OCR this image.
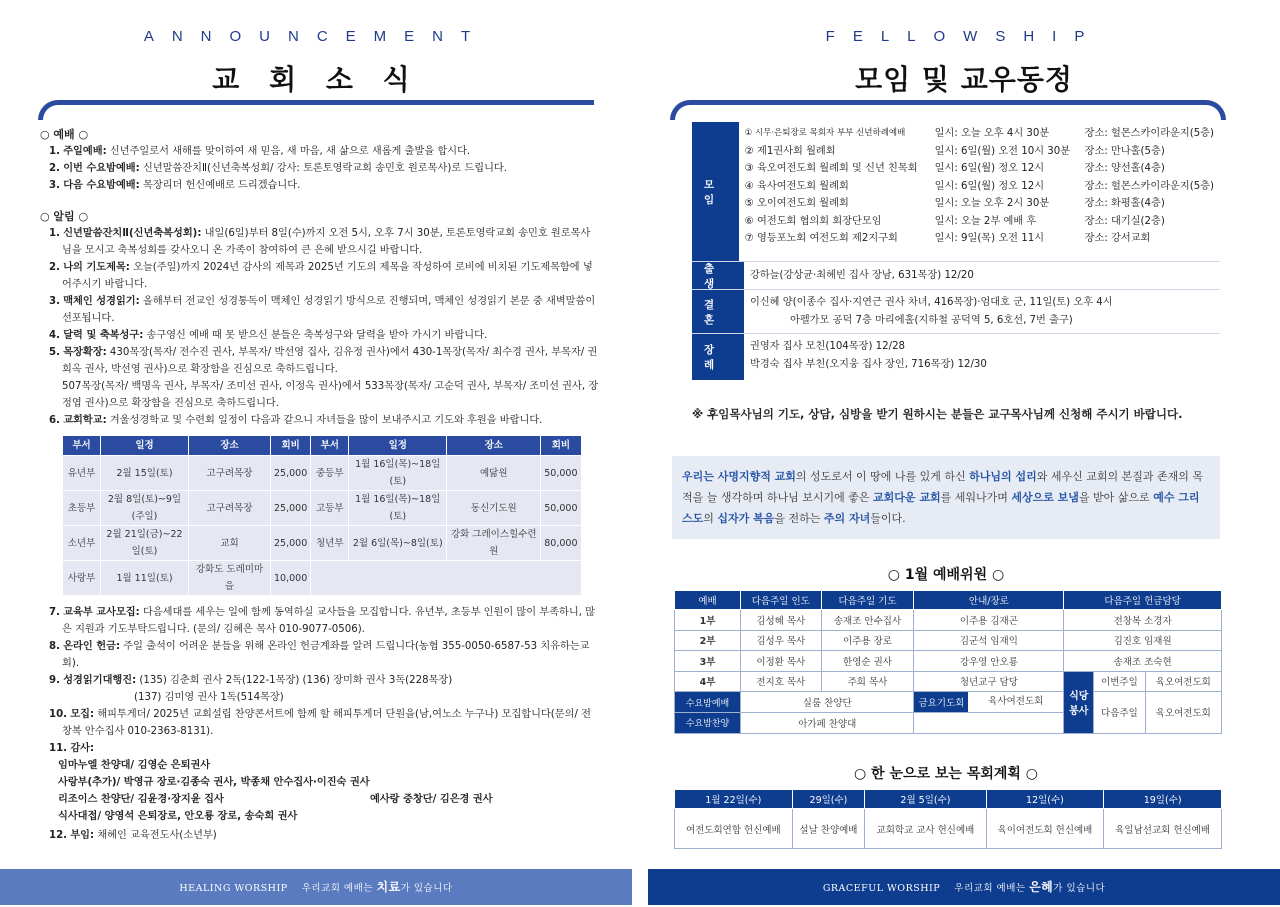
ANNOUNCEMENT
교 회 소 식
○ 예배 ○
1. 주일예배: 신년주일로서 새해를 맞이하여 새 믿음, 새 마음, 새 삶으로 새롭게 출발을 합시다.
2. 이번 수요밤예배: 신년말씀잔치Ⅱ(신년축복성회/ 강사: 토론토영락교회 송민호 원로목사)로 드립니다.
3. 다음 수요밤예배: 목장리더 헌신예배로 드리겠습니다.
○ 알림 ○
1. 신년말씀잔치Ⅱ(신년축복성회): 내일(6일)부터 8일(수)까지 오전 5시, 오후 7시 30분, 토론토영락교회 송민호 원로목사님을 모시고 축복성회를 갖사오니 온 가족이 참여하여 큰 은혜 받으시길 바랍니다.
2. 나의 기도제목: 오늘(주일)까지 2024년 감사의 제목과 2025년 기도의 제목을 작성하여 로비에 비치된 기도제목함에 넣어주시기 바랍니다.
3. 맥체인 성경읽기: 올해부터 전교인 성경통독이 맥체인 성경읽기 방식으로 진행되며, 맥체인 성경읽기 본문 중 새벽말씀이 선포됩니다.
4. 달력 및 축복성구: 송구영신 예배 때 못 받으신 분들은 축복성구와 달력을 받아 가시기 바랍니다.
5. 목장확장: 430목장(목자/ 전수진 권사, 부목자/ 박선영 집사, 김유정 권사)에서 430-1목장(목자/ 최수경 권사, 부목자/ 권희옥 권사, 박선영 권사)으로 확장함을 진심으로 축하드립니다.
507목장(목자/ 백명옥 권사, 부목자/ 조미선 권사, 이정옥 권사)에서 533목장(목자/ 고순덕 권사, 부목자/ 조미선 권사, 장정엽 권사)으로 확장함을 진심으로 축하드립니다.
6. 교회학교: 겨울성경학교 및 수련회 일정이 다음과 같으니 자녀들을 많이 보내주시고 기도와 후원을 바랍니다.
부서	일정	장소	회비	부서	일정	장소	회비
유년부	2월 15일(토)	고구려목장	25,000	중등부	1월 16일(목)~18일(토)	예닮원	50,000
초등부	2월 8일(토)~9일(주일)	고구려목장	25,000	고등부	1월 16일(목)~18일(토)	동신기도원	50,000
소년부	2월 21일(금)~22일(토)	교회	25,000	청년부	2월 6일(목)~8일(토)	강화 그레이스힐수련원	80,000
사랑부	1월 11일(토)	강화도 도레미마을	10,000				
7. 교육부 교사모집: 다음세대를 세우는 일에 함께 동역하실 교사들을 모집합니다. 유년부, 초등부 인원이 많이 부족하니, 많은 지원과 기도부탁드립니다. (문의/ 김혜은 목사 010-9077-0506).
8. 온라인 헌금: 주일 출석이 어려운 분들을 위해 온라인 헌금계좌를 알려 드립니다(농협 355-0050-6587-53 치유하는교회).
9. 성경읽기대행진: (135) 김춘희 권사 2독(122-1목장) (136) 장미화 권사 3독(228목장)
(137) 김미영 권사 1독(514목장)
10. 모집: 해피투게더/ 2025년 교회설립 찬양콘서트에 함께 할 해피투게더 단원을(남,여노소 누구나) 모집합니다(문의/ 전창복 안수집사 010-2363-8131).
11. 감사:
임마누엘 찬양대/ 김영순 은퇴권사
사랑부(추가)/ 박영규 장로·김종숙 권사, 박종채 안수집사·이진숙 권사
리조이스 찬양단/ 김윤경·장지윤 집사	예사랑 중창단/ 김은경 권사
식사대접/ 양영석 은퇴장로, 안오룡 장로, 송숙희 권사
12. 부임: 채혜인 교육전도사(소년부)
HEALING WORSHIP 우리교회 예배는 치료가 있습니다
FELLOWSHIP
모임 및 교우동정
모 임
① 시무·은퇴장로 목회자 부부 신년하례예배	일시: 오늘 오후 4시 30분	장소: 헐몬스카이라운지(5층)
② 제1권사회 월례회	일시: 6일(월) 오전 10시 30분	장소: 만나홀(5층)
③ 육오여전도회 월례회 및 신년 친목회	일시: 6일(월) 정오 12시	장소: 양선홀(4층)
④ 육사여전도회 월례회	일시: 6일(월) 정오 12시	장소: 헐몬스카이라운지(5층)
⑤ 오이여전도회 월례회	일시: 오늘 오후 2시 30분	장소: 화평홀(4층)
⑥ 여전도회 협의회 회장단모임	일시: 오늘 2부 예배 후	장소: 대기실(2층)
⑦ 영등포노회 여전도회 제2지구회	일시: 9일(목) 오전 11시	장소: 강서교회
출 생
강하늘(강상균·최혜빈 집사 장남, 631목장) 12/20
결 혼
이신혜 양(이종수 집사·지연근 권사 차녀, 416목장)·엄대호 군, 11일(토) 오후 4시
아펠가모 공덕 7층 마리에홀(지하철 공덕역 5, 6호선, 7번 출구)
장 례
권영자 집사 모친(104목장) 12/28
박경숙 집사 부친(오지웅 집사 장인, 716목장) 12/30
※ 후임목사님의 기도, 상담, 심방을 받기 원하시는 분들은 교구목사님께 신청해 주시기 바랍니다.
우리는 사명지향적 교회의 성도로서 이 땅에 나를 있게 하신 하나님의 섭리와 세우신 교회의 본질과 존재의 목적을 늘 생각하며 하나님 보시기에 좋은 교회다운 교회를 세워나가며 세상으로 보냄을 받아 삶으로 예수 그리스도의 십자가 복음을 전하는 주의 자녀들이다.
○ 1월 예배위원 ○
예배	다음주일 인도	다음주일 기도	안내/장로	다음주일 헌금담당		
1부	김성혜 목사	송재조 안수집사	이주용 김재곤	전창복 소경자		
2부	김성우 목사	이주용 장로	김군석 임재익	김진호 임재원		
3부	이정환 목사	한영순 권사	강우영 안오룡	송재조 조숙현		
4부	전지호 목사	주희 목사	청년교구 담당	식당봉사	이번주일	육오여전도회
수요밤예배	실룸 찬양단		금요기도회 육사여전도회		다음주일	육오여전도회
수요밤찬양	아가페 찬양대					
○ 한 눈으로 보는 목회계획 ○
1월 22일(수)	29일(수)	2월 5일(수)	12일(수)	19일(수)
여전도회연합 헌신예배	설날 찬양예배	교회학교 교사 헌신예배	육이여전도회 헌신예배	육일남선교회 헌신예배
GRACEFUL WORSHIP 우리교회 예배는 은혜가 있습니다
